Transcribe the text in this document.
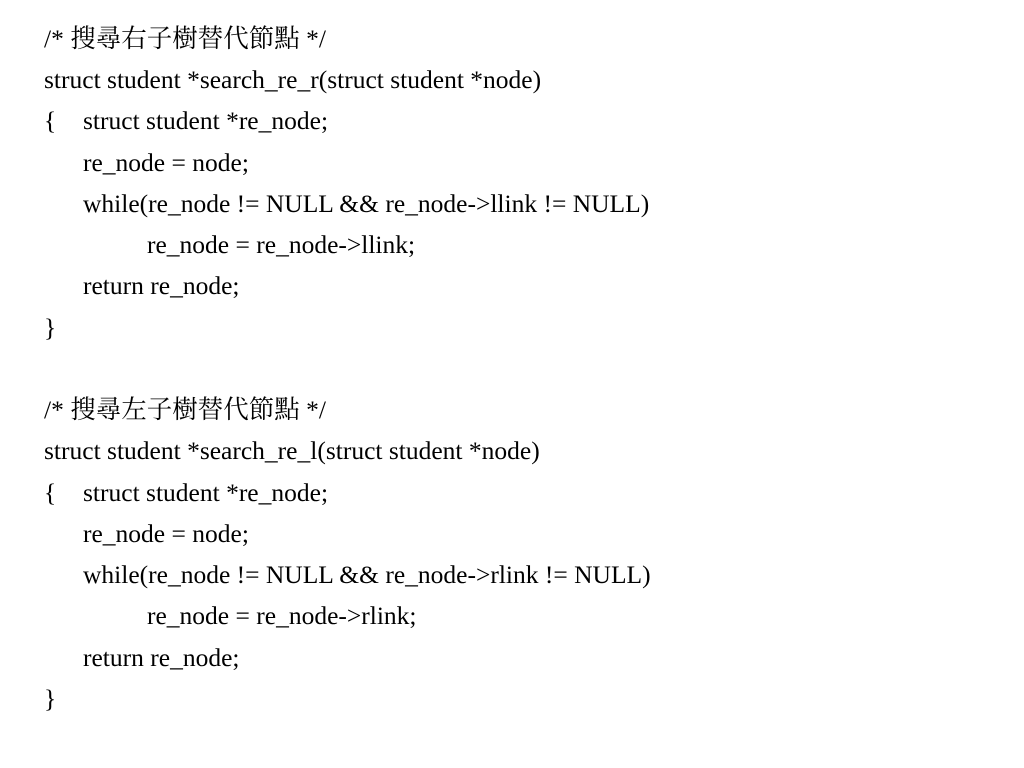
/* 搜尋右子樹替代節點 */
struct student *search_re_r(struct student *node)
{ struct student *re_node;
re_node = node;
while(re_node != NULL && re_node->llink != NULL)
re_node = re_node->llink;
return re_node;
}
/* 搜尋左子樹替代節點 */
struct student *search_re_l(struct student *node)
{ struct student *re_node;
re_node = node;
while(re_node != NULL && re_node->rlink != NULL)
re_node = re_node->rlink;
return re_node;
}
